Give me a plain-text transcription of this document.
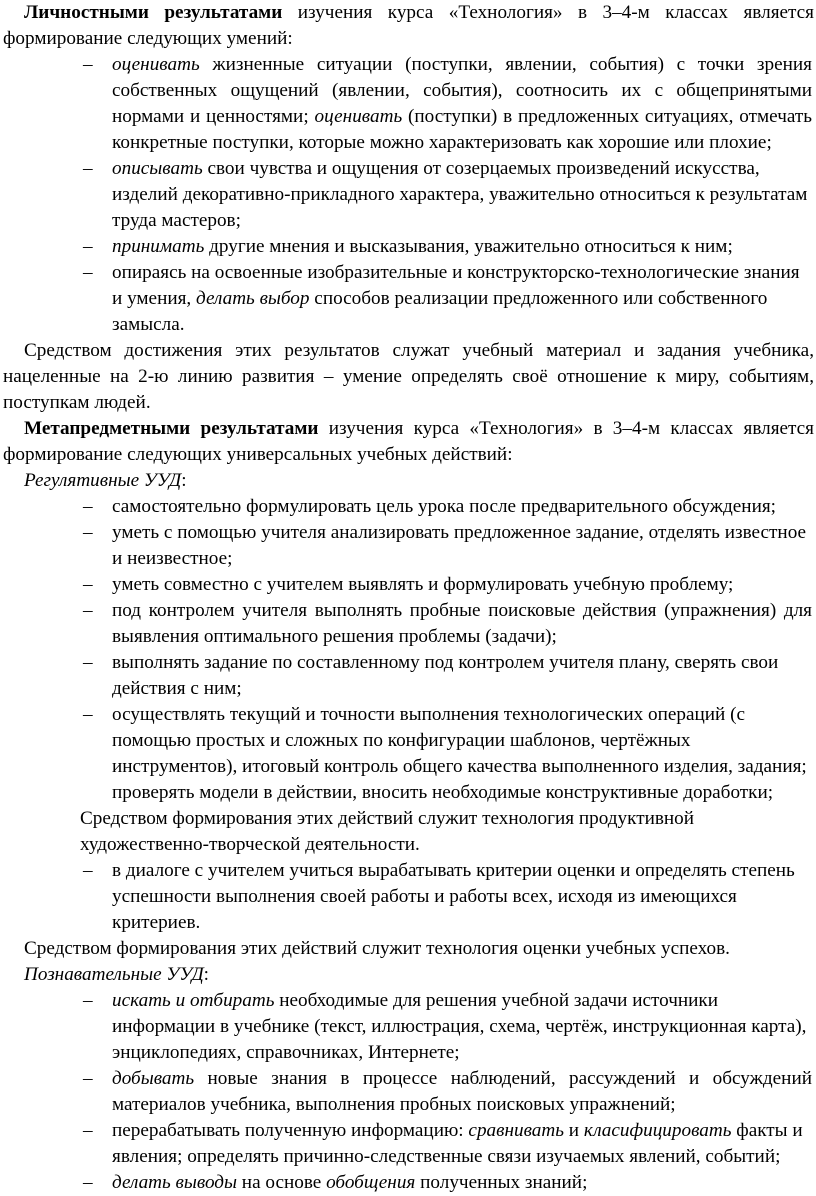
Личностными результатами изучения курса «Технология» в 3–4-м классах является формирование следующих умений:

– оценивать жизненные ситуации (поступки, явлении, события) с точки зрения собственных ощущений (явлении, события), соотносить их с общепринятыми нормами и ценностями; оценивать (поступки) в предложенных ситуациях, отмечать конкретные поступки, которые можно характеризовать как хорошие или плохие;
– описывать свои чувства и ощущения от созерцаемых произведений искусства, изделий декоративно-прикладного характера, уважительно относиться к результатам труда мастеров;
– принимать другие мнения и высказывания, уважительно относиться к ним;
– опираясь на освоенные изобразительные и конструкторско-технологические знания и умения, делать выбор способов реализации предложенного или собственного замысла.

Средством достижения этих результатов служат учебный материал и задания учебника, нацеленные на 2-ю линию развития – умение определять своё отношение к миру, событиям, поступкам людей.

Метапредметными результатами изучения курса «Технология» в 3–4-м классах является формирование следующих универсальных учебных действий:

Регулятивные УУД:

– самостоятельно формулировать цель урока после предварительного обсуждения;
– уметь с помощью учителя анализировать предложенное задание, отделять известное и неизвестное;
– уметь совместно с учителем выявлять и формулировать учебную проблему;
– под контролем учителя выполнять пробные поисковые действия (упражнения) для выявления оптимального решения проблемы (задачи);
– выполнять задание по составленному под контролем учителя плану, сверять свои действия с ним;
– осуществлять текущий и точности выполнения технологических операций (с помощью простых и сложных по конфигурации шаблонов, чертёжных инструментов), итоговый контроль общего качества выполненного изделия, задания; проверять модели в действии, вносить необходимые конструктивные доработки;

Средством формирования этих действий служит технология продуктивной художественно-творческой деятельности.

– в диалоге с учителем учиться вырабатывать критерии оценки и определять степень успешности выполнения своей работы и работы всех, исходя из имеющихся критериев.

Средством формирования этих действий служит технология оценки учебных успехов.

Познавательные УУД:

– искать и отбирать необходимые для решения учебной задачи источники информации в учебнике (текст, иллюстрация, схема, чертёж, инструкционная карта), энциклопедиях, справочниках, Интернете;
– добывать новые знания в процессе наблюдений, рассуждений и обсуждений материалов учебника, выполнения пробных поисковых упражнений;
– перерабатывать полученную информацию: сравнивать и класифицировать факты и явления; определять причинно-следственные связи изучаемых явлений, событий;
– делать выводы на основе обобщения полученных знаний;
